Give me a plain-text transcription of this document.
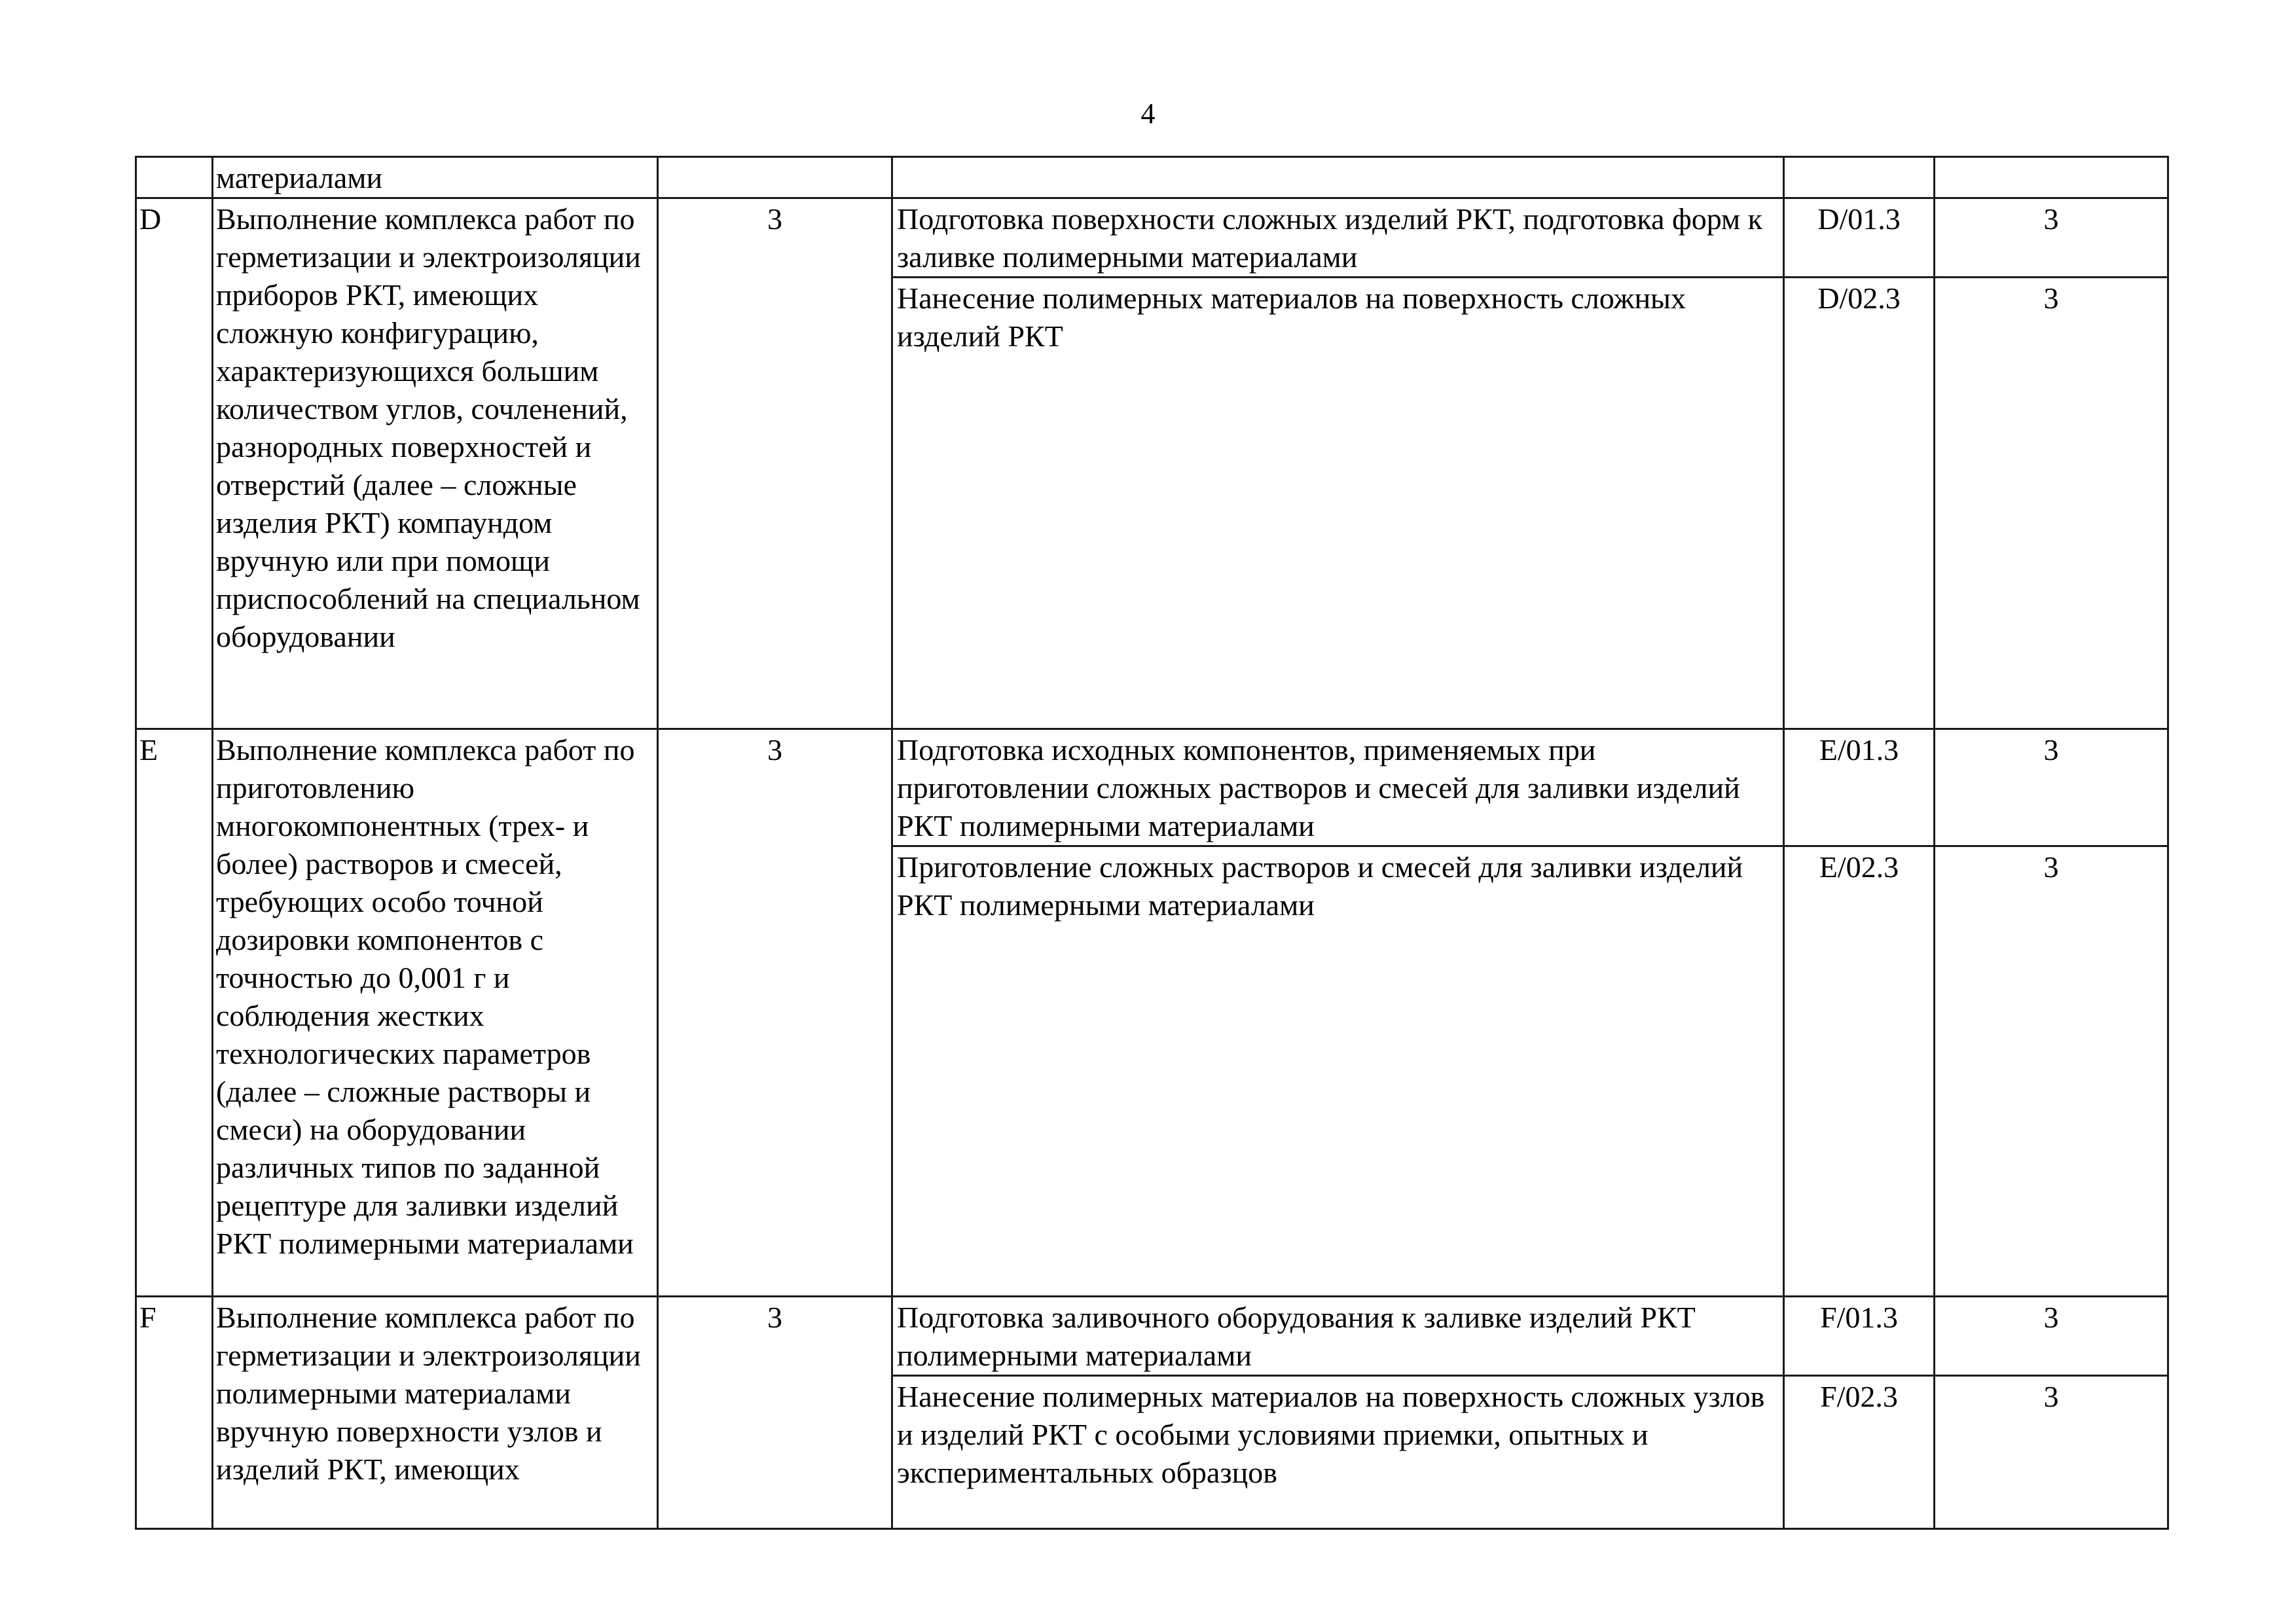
4
	материалами				
D	Выполнение комплекса работ по герметизации и электроизоляции приборов РКТ, имеющих сложную конфигурацию, характеризующихся большим количеством углов, сочленений, разнородных поверхностей и отверстий (далее – сложные изделия РКТ) компаундом вручную или при помощи приспособлений на специальном оборудовании	3	Подготовка поверхности сложных изделий РКТ, подготовка форм к заливке полимерными материалами	D/01.3	3
			Нанесение полимерных материалов на поверхность сложных изделий РКТ	D/02.3	3
E	Выполнение комплекса работ по приготовлению многокомпонентных (трех- и более) растворов и смесей, требующих особо точной дозировки компонентов с точностью до 0,001 г и соблюдения жестких технологических параметров (далее – сложные растворы и смеси) на оборудовании различных типов по заданной рецептуре для заливки изделий РКТ полимерными материалами	3	Подготовка исходных компонентов, применяемых при приготовлении сложных растворов и смесей для заливки изделий РКТ полимерными материалами	E/01.3	3
			Приготовление сложных растворов и смесей для заливки изделий РКТ полимерными материалами	E/02.3	3
F	Выполнение комплекса работ по герметизации и электроизоляции полимерными материалами вручную поверхности узлов и изделий РКТ, имеющих	3	Подготовка заливочного оборудования к заливке изделий РКТ полимерными материалами	F/01.3	3
			Нанесение полимерных материалов на поверхность сложных узлов и изделий РКТ с особыми условиями приемки, опытных и экспериментальных образцов	F/02.3	3
